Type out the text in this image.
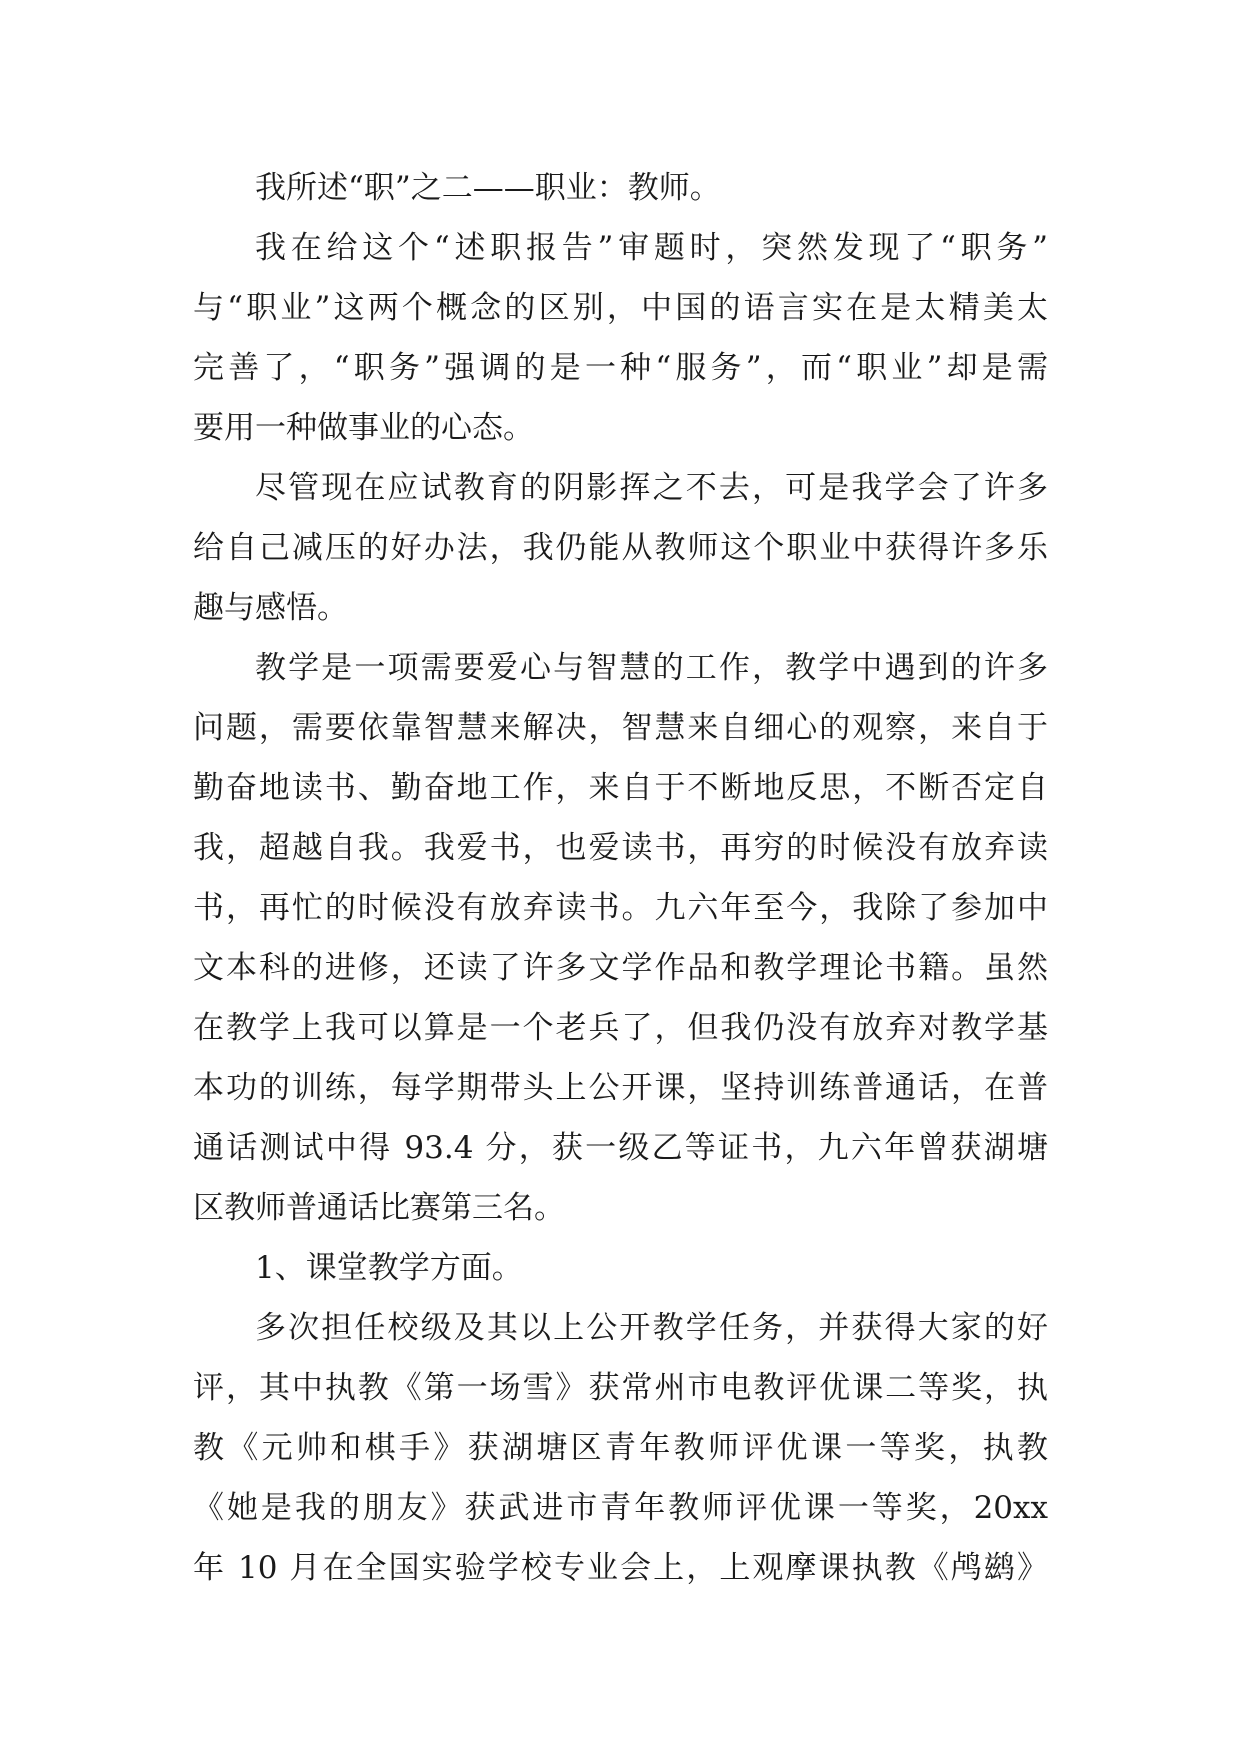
我所述“职”之二——职业：教师。
我在给这个“述职报告”审题时，突然发现了“职务”
与“职业”这两个概念的区别，中国的语言实在是太精美太
完善了，“职务”强调的是一种“服务”，而“职业”却是需
要用一种做事业的心态。
尽管现在应试教育的阴影挥之不去，可是我学会了许多
给自己减压的好办法，我仍能从教师这个职业中获得许多乐
趣与感悟。
教学是一项需要爱心与智慧的工作，教学中遇到的许多
问题，需要依靠智慧来解决，智慧来自细心的观察，来自于
勤奋地读书、勤奋地工作，来自于不断地反思，不断否定自
我，超越自我。我爱书，也爱读书，再穷的时候没有放弃读
书，再忙的时候没有放弃读书。九六年至今，我除了参加中
文本科的进修，还读了许多文学作品和教学理论书籍。虽然
在教学上我可以算是一个老兵了，但我仍没有放弃对教学基
本功的训练，每学期带头上公开课，坚持训练普通话，在普
通话测试中得 93.4 分，获一级乙等证书，九六年曾获湖塘
区教师普通话比赛第三名。
1、课堂教学方面。
多次担任校级及其以上公开教学任务，并获得大家的好
评，其中执教《第一场雪》获常州市电教评优课二等奖，执
教《元帅和棋手》获湖塘区青年教师评优课一等奖，执教
《她是我的朋友》获武进市青年教师评优课一等奖，20xx
年 10 月在全国实验学校专业会上，上观摩课执教《鸬鹚》
